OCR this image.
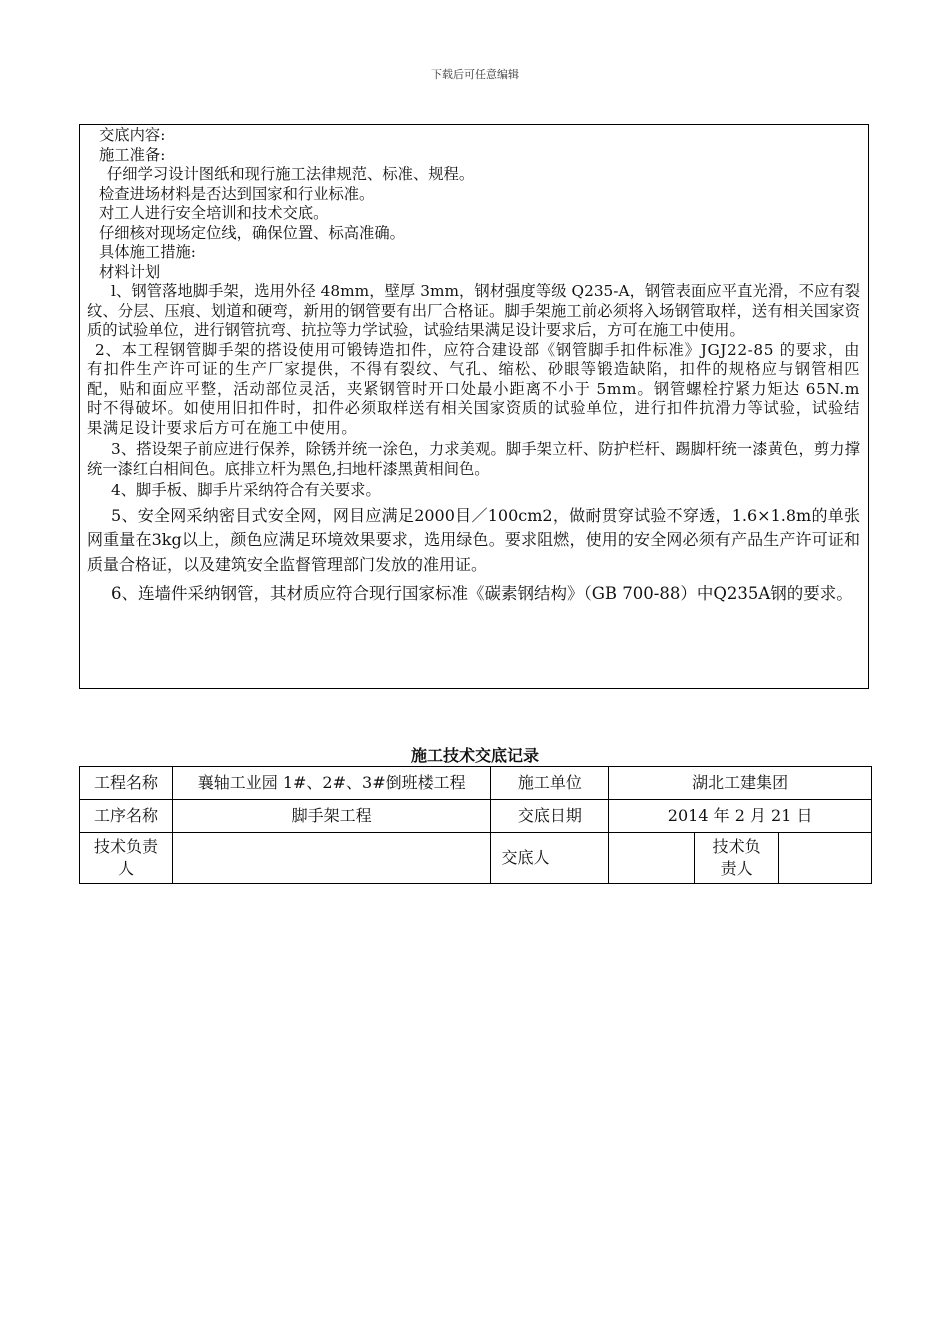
下载后可任意编辑
交底内容:
施工准备:
仔细学习设计图纸和现行施工法律规范、标准、规程。
检查进场材料是否达到国家和行业标准。
对工人进行安全培训和技术交底。
仔细核对现场定位线，确保位置、标高准确。
具体施工措施:
材料计划
l、钢管落地脚手架，选用外径 48mm，壁厚 3mm，钢材强度等级 Q235-A，钢管表面应平直光滑，不应有裂纹、分层、压痕、划道和硬弯，新用的钢管要有出厂合格证。脚手架施工前必须将入场钢管取样，送有相关国家资质的试验单位，进行钢管抗弯、抗拉等力学试验，试验结果满足设计要求后，方可在施工中使用。
2、本工程钢管脚手架的搭设使用可锻铸造扣件，应符合建设部《钢管脚手扣件标准》JGJ22-85 的要求，由有扣件生产许可证的生产厂家提供，不得有裂纹、气孔、缩松、砂眼等锻造缺陷，扣件的规格应与钢管相匹配，贴和面应平整，活动部位灵活，夹紧钢管时开口处最小距离不小于 5mm。钢管螺栓拧紧力矩达 65N.m 时不得破坏。如使用旧扣件时，扣件必须取样送有相关国家资质的试验单位，进行扣件抗滑力等试验，试验结果满足设计要求后方可在施工中使用。
3、搭设架子前应进行保养，除锈并统一涂色，力求美观。脚手架立杆、防护栏杆、踢脚杆统一漆黄色，剪力撑统一漆红白相间色。底排立杆为黑色,扫地杆漆黑黄相间色。
4、脚手板、脚手片采纳符合有关要求。
5、安全网采纳密目式安全网，网目应满足2000目／100cm2，做耐贯穿试验不穿透，1.6×1.8m的单张网重量在3kg以上，颜色应满足环境效果要求，选用绿色。要求阻燃，使用的安全网必须有产品生产许可证和质量合格证，以及建筑安全监督管理部门发放的准用证。
6、连墙件采纳钢管，其材质应符合现行国家标准《碳素钢结构》（GB 700-88）中Q235A钢的要求。
施工技术交底记录
工程名称	襄轴工业园 1#、2#、3#倒班楼工程	施工单位	湖北工建集团		
工序名称	脚手架工程	交底日期	2014 年 2 月 21 日		
技术负责人		交底人		技术负责人	
